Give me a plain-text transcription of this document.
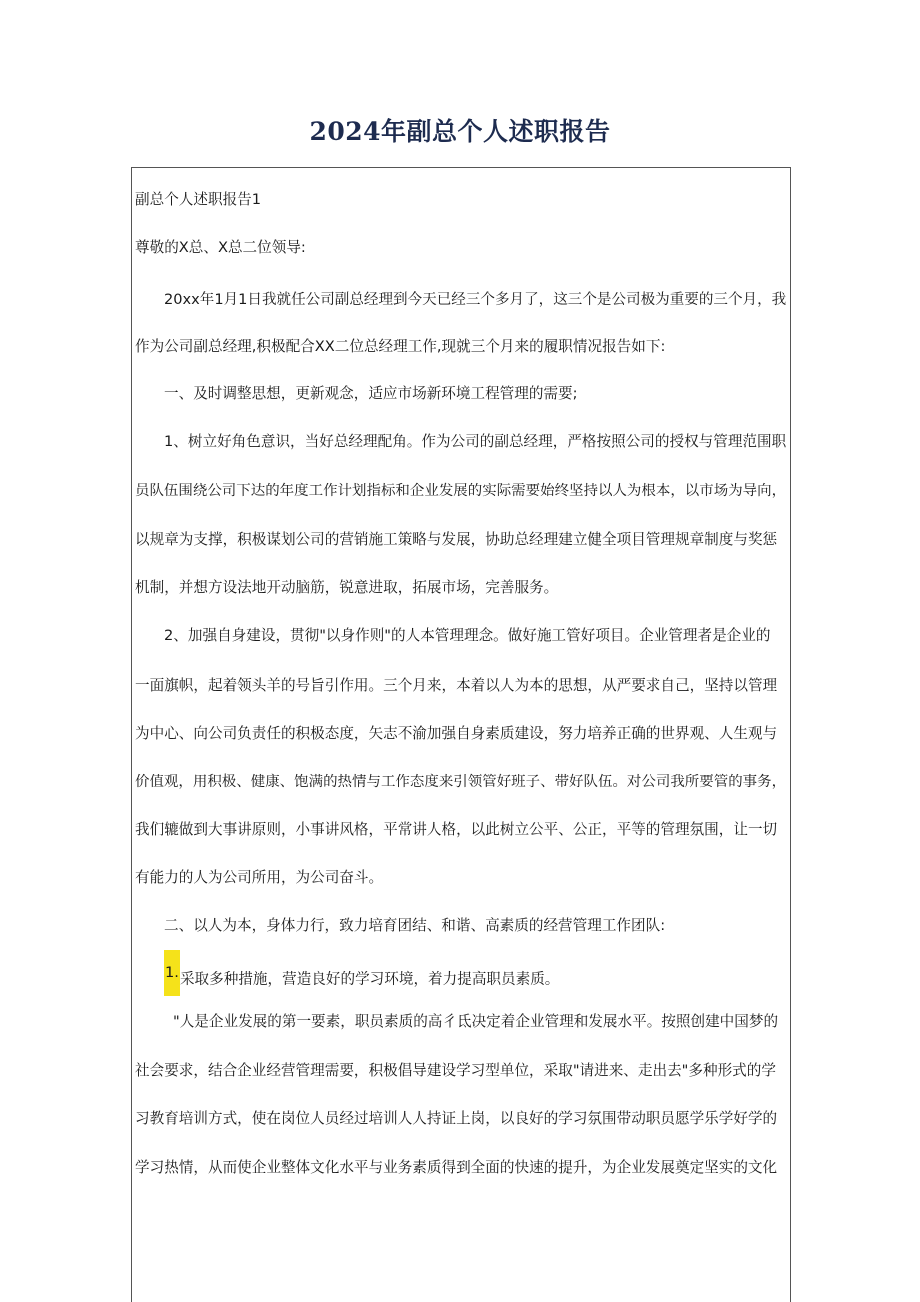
2024年副总个人述职报告
副总个人述职报告1
尊敬的X总、X总二位领导:
20xx年1月1日我就任公司副总经理到今天已经三个多月了，这三个是公司极为重要的三个月，我
作为公司副总经理,积极配合XX二位总经理工作,现就三个月来的履职情况报告如下:
一、及时调整思想，更新观念，适应市场新环境工程管理的需要;
1、树立好角色意识，当好总经理配角。作为公司的副总经理，严格按照公司的授权与管理范围职
员队伍围绕公司下达的年度工作计划指标和企业发展的实际需要始终坚持以人为根本，以市场为导向，
以规章为支撑，积极谋划公司的营销施工策略与发展，协助总经理建立健全项目管理规章制度与奖惩
机制，并想方设法地开动脑筋，锐意进取，拓展市场，完善服务。
2、加强自身建设，贯彻"以身作则"的人本管理理念。做好施工管好项目。企业管理者是企业的
一面旗帜，起着领头羊的号旨引作用。三个月来，本着以人为本的思想，从严要求自己，坚持以管理
为中心、向公司负责任的积极态度，矢志不渝加强自身素质建设，努力培养正确的世界观、人生观与
价值观，用积极、健康、饱满的热情与工作态度来引领管好班子、带好队伍。对公司我所要管的事务，
我们辘做到大事讲原则，小事讲风格，平常讲人格，以此树立公平、公正，平等的管理氛围，让一切
有能力的人为公司所用，为公司奋斗。
二、以人为本，身体力行，致力培育团结、和谐、高素质的经营管理工作团队:
1.采取多种措施，营造良好的学习环境，着力提高职员素质。
"人是企业发展的第一要素，职员素质的高彳氐决定着企业管理和发展水平。按照创建中国梦的
社会要求，结合企业经营管理需要，积极倡导建设学习型单位，采取"请进来、走出去"多种形式的学
习教育培训方式，使在岗位人员经过培训人人持证上岗，以良好的学习氛围带动职员愿学乐学好学的
学习热情，从而使企业整体文化水平与业务素质得到全面的快速的提升，为企业发展奠定坚实的文化
